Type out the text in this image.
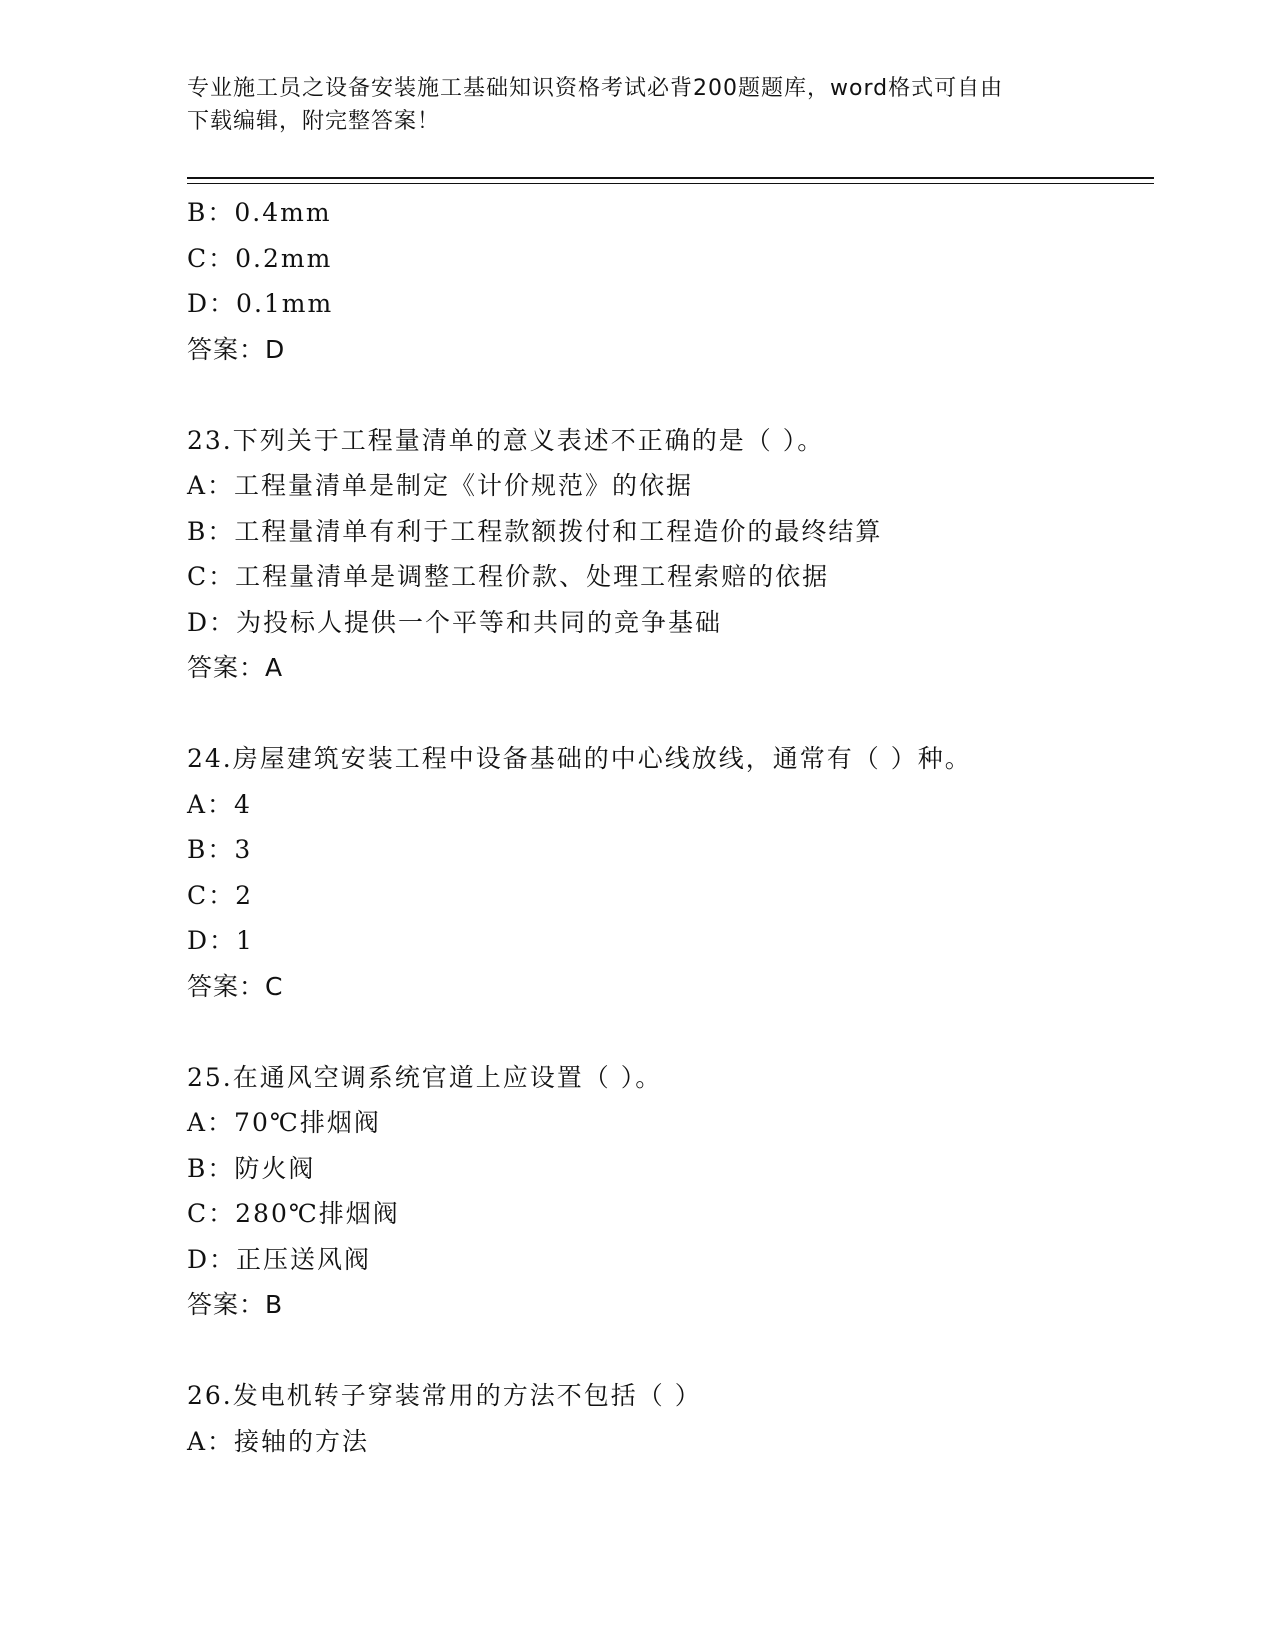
专业施工员之设备安装施工基础知识资格考试必背200题题库，word格式可自由
下载编辑，附完整答案！
B：0.4mm
C：0.2mm
D：0.1mm
答案：D
23.下列关于工程量清单的意义表述不正确的是（ ）。
A：工程量清单是制定《计价规范》的依据
B：工程量清单有利于工程款额拨付和工程造价的最终结算
C：工程量清单是调整工程价款、处理工程索赔的依据
D：为投标人提供一个平等和共同的竞争基础
答案：A
24.房屋建筑安装工程中设备基础的中心线放线，通常有（ ）种。
A：4
B：3
C：2
D：1
答案：C
25.在通风空调系统官道上应设置（ ）。
A：70℃排烟阀
B：防火阀
C：280℃排烟阀
D：正压送风阀
答案：B
26.发电机转子穿装常用的方法不包括（ ）
A：接轴的方法
